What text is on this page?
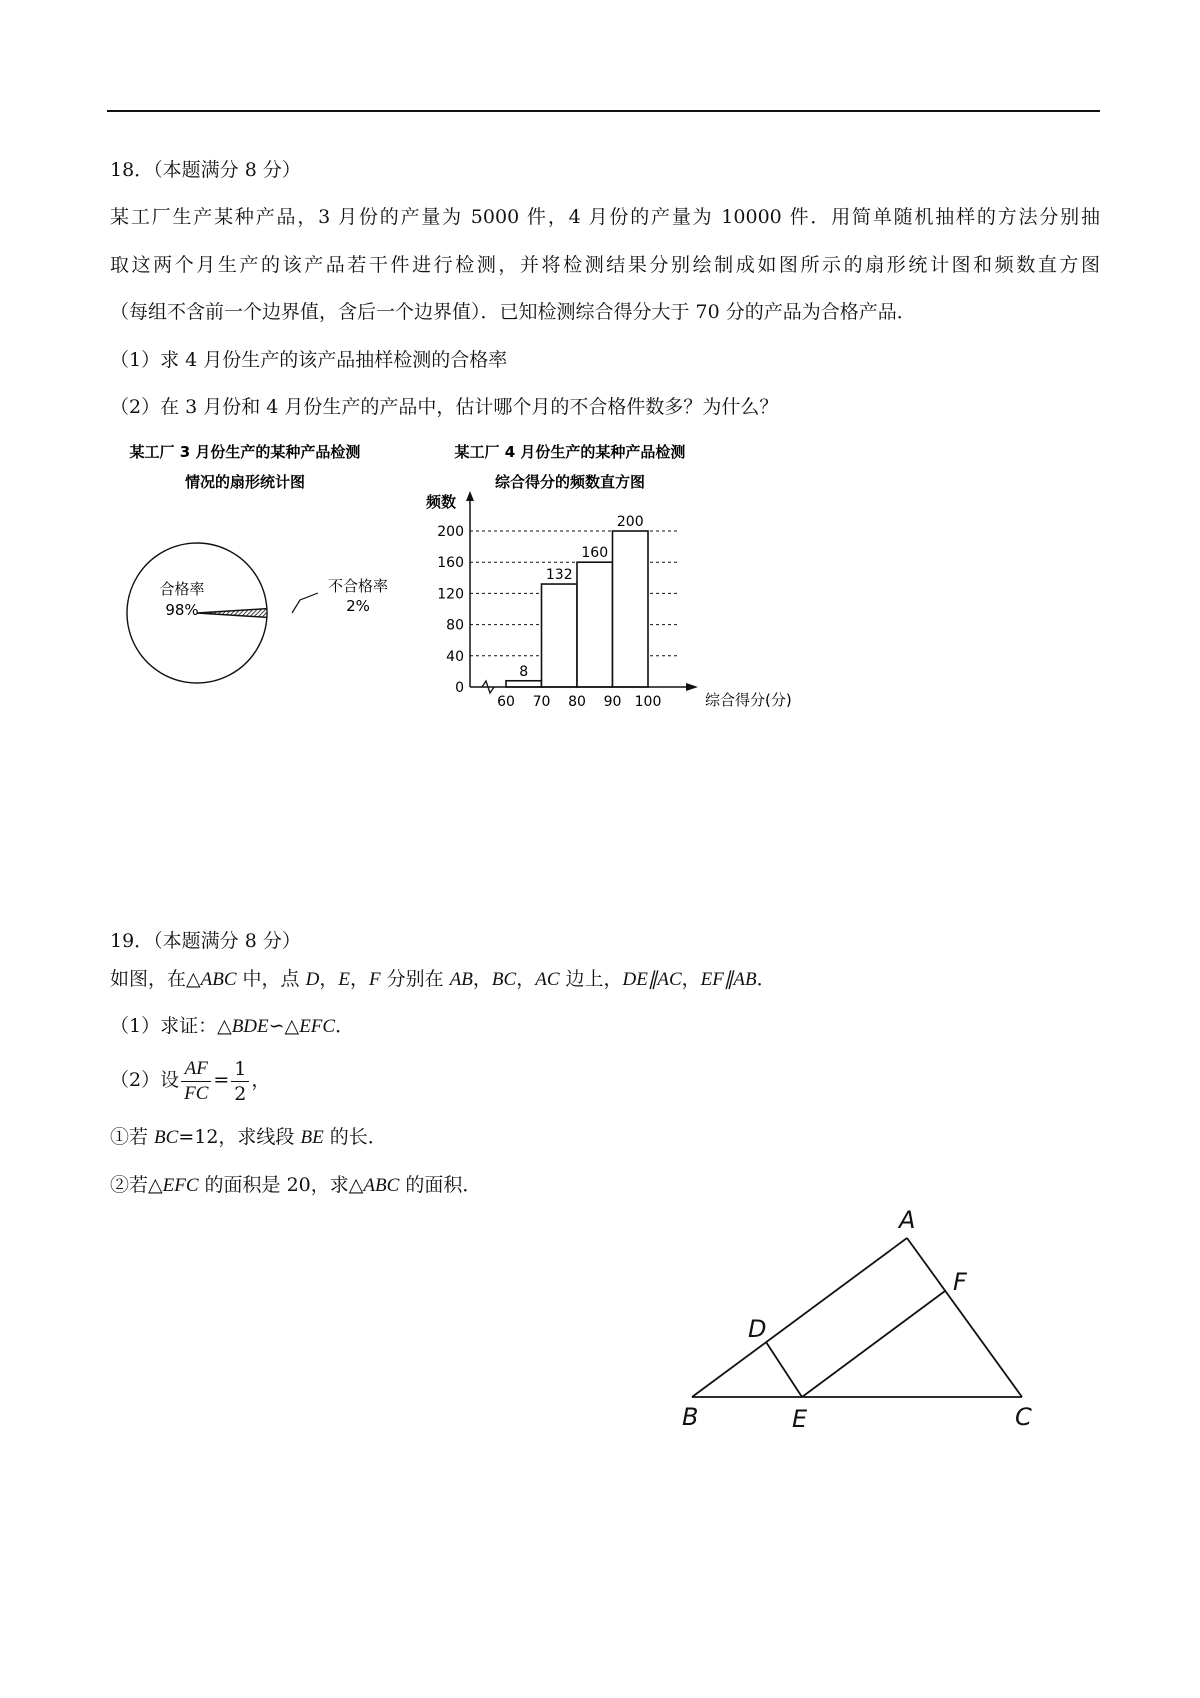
18．（本题满分 8 分）
某工厂生产某种产品，3 月份的产量为 5000 件，4 月份的产量为 10000 件．用简单随机抽样的方法分别抽
取这两个月生产的该产品若干件进行检测，并将检测结果分别绘制成如图所示的扇形统计图和频数直方图
（每组不含前一个边界值，含后一个边界值）．已知检测综合得分大于 70 分的产品为合格产品．
（1）求 4 月份生产的该产品抽样检测的合格率
（2）在 3 月份和 4 月份生产的产品中，估计哪个月的不合格件数多？为什么？
某工厂 3 月份生产的某种产品检测
情况的扇形统计图
合格率
98%
不合格率
2%
某工厂 4 月份生产的某种产品检测
综合得分的频数直方图
频数
综合得分(分)
8
132
160
200
0
40
80
120
160
200
60 70 80 90 100
19．（本题满分 8 分）
如图，在△ABC 中，点 D，E，F 分别在 AB，BC，AC 边上，DE∥AC，EF∥AB．
（1）求证：△BDE∽△EFC．
（2）设 $\frac{AF}{FC} = \frac{1}{2}$ ，
①若 BC=12，求线段 BE 的长．
②若△EFC 的面积是 20，求△ABC 的面积．
A
B	C
D
E
F
